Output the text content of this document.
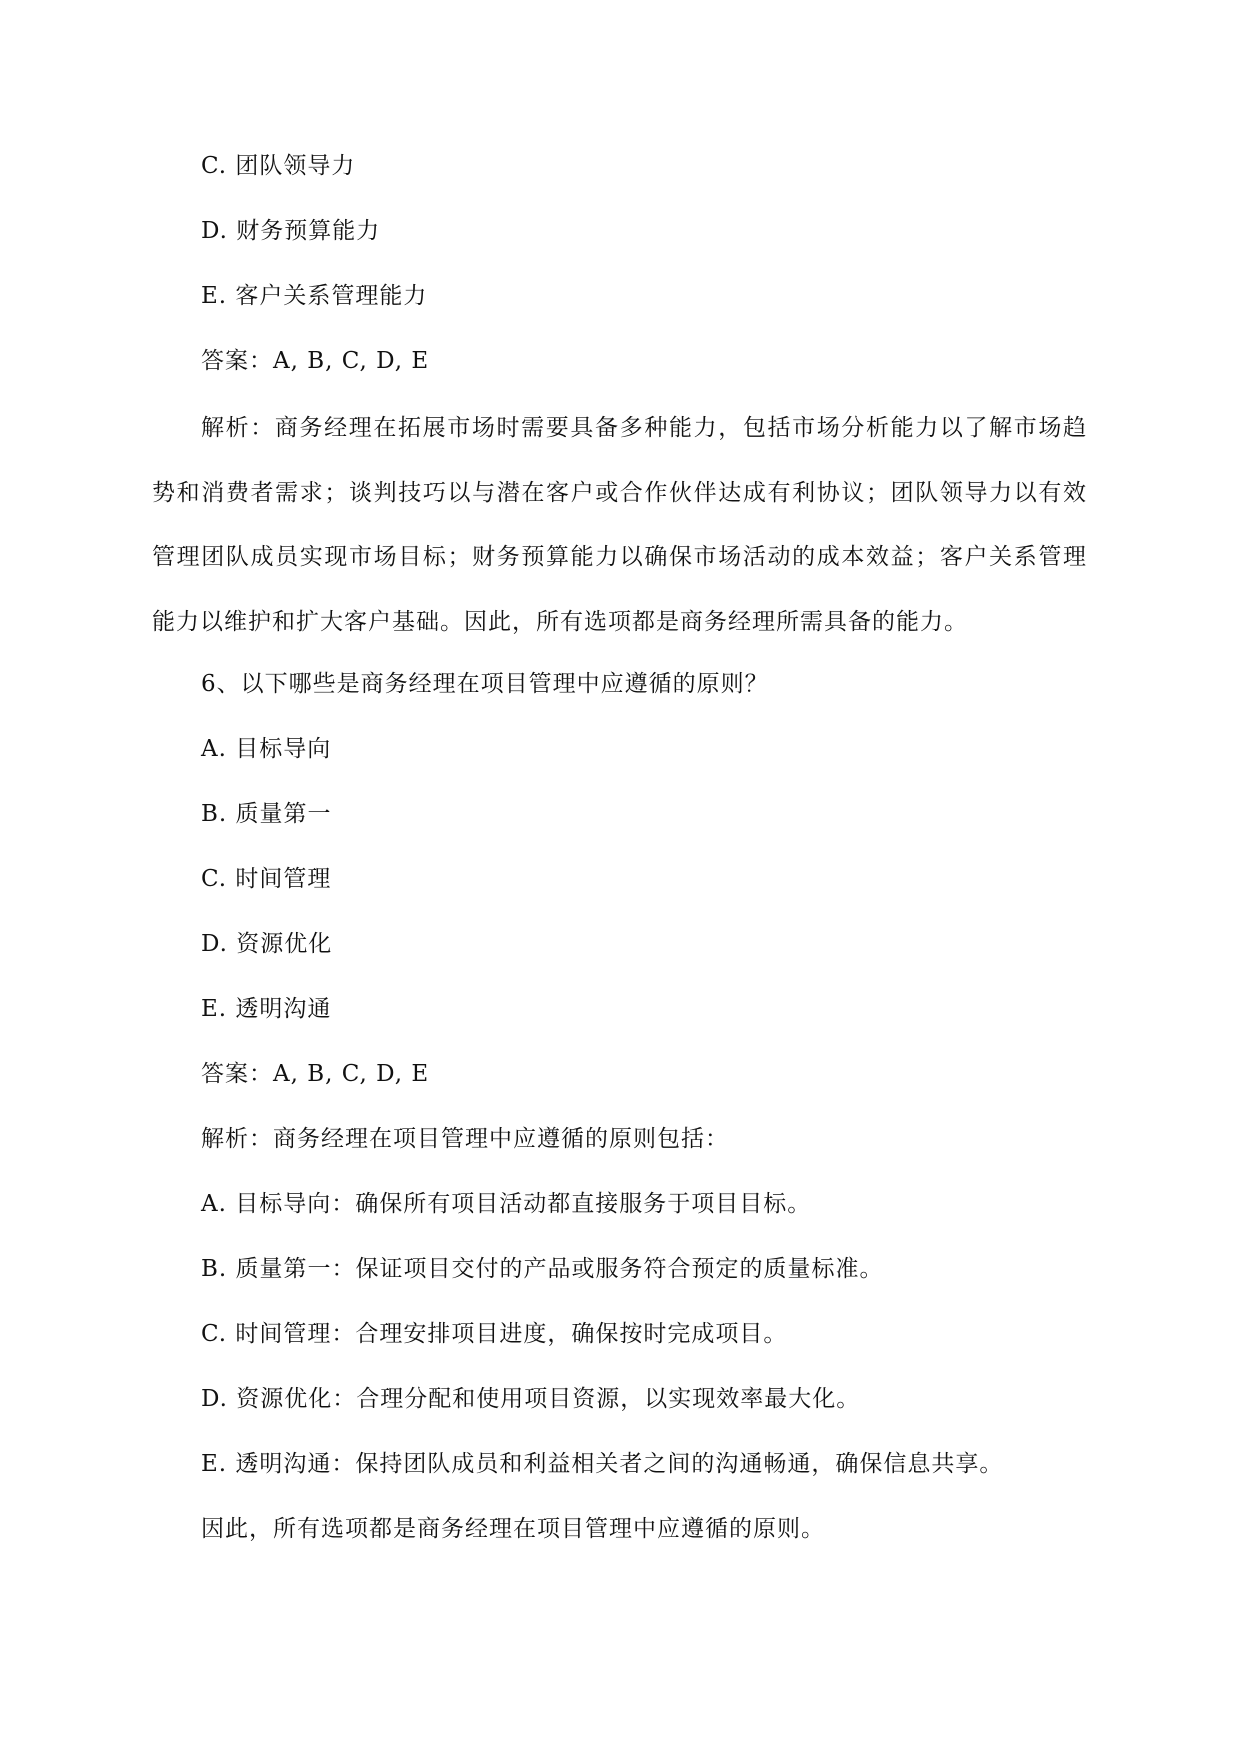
C. 团队领导力
D. 财务预算能力
E. 客户关系管理能力
答案：A, B, C, D, E
解析：商务经理在拓展市场时需要具备多种能力，包括市场分析能力以了解市场趋势和消费者需求；谈判技巧以与潜在客户或合作伙伴达成有利协议；团队领导力以有效管理团队成员实现市场目标；财务预算能力以确保市场活动的成本效益；客户关系管理能力以维护和扩大客户基础。因此，所有选项都是商务经理所需具备的能力。
6、以下哪些是商务经理在项目管理中应遵循的原则？
A. 目标导向
B. 质量第一
C. 时间管理
D. 资源优化
E. 透明沟通
答案：A, B, C, D, E
解析：商务经理在项目管理中应遵循的原则包括：
A. 目标导向：确保所有项目活动都直接服务于项目目标。
B. 质量第一：保证项目交付的产品或服务符合预定的质量标准。
C. 时间管理：合理安排项目进度，确保按时完成项目。
D. 资源优化：合理分配和使用项目资源，以实现效率最大化。
E. 透明沟通：保持团队成员和利益相关者之间的沟通畅通，确保信息共享。
因此，所有选项都是商务经理在项目管理中应遵循的原则。
